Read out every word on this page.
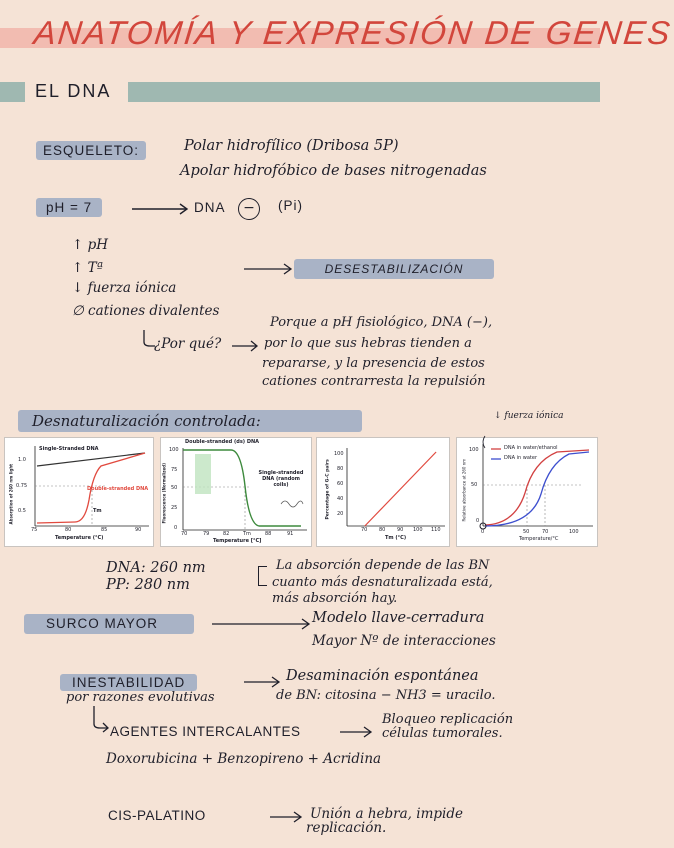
ANATOMÍA Y EXPRESIÓN DE GENES
EL DNA
ESQUELETO:	Polar hidrofílico (Dribosa 5P)
Apolar hidrofóbico de bases nitrogenadas
pH = 7	DNA	−	(Pi)
↑ pH
↑ Tª
↓ fuerza iónica
∅ cationes divalentes
DESESTABILIZACIÓN
¿Por qué?
Porque a pH fisiológico, DNA (−),
por lo que sus hebras tienden a
repararse, y la presencia de estos
cationes contrarresta la repulsión
Desnaturalización controlada:	↓ fuerza iónica
Single-Stranded DNA
Double-stranded DNA
Tm
1.0
0.75
0.5
75	80	85	90
Temperature (°C)
Absorption of 260 nm light
Double-stranded (ds) DNA
Single-stranded DNA (random coils)
100
75
50
25
0
70	79	82	Tm	88	91
Temperature [°C]
Fluorescence (Normalized)
100
80
60
40
20
70 80 90 100 110
Tm (°C)
Percentage of G-C pairs
DNA in water/ethanol
DNA in water
100
50
0
0	50	70	100
Temperature/°C
Relative absorbance at 260 nm
DNA: 260 nm
PP: 280 nm
La absorción depende de las BN
cuanto más desnaturalizada está,
más absorción hay.
SURCO MAYOR	Modelo llave-cerradura
Mayor Nº de interacciones
INESTABILIDAD
por razones evolutivas
Desaminación espontánea
de BN: citosina − NH3 = uracilo.
AGENTES INTERCALANTES
Bloqueo replicación
células tumorales.
Doxorubicina + Benzopireno + Acridina
CIS-PALATINO	Unión a hebra, impide
replicación.
